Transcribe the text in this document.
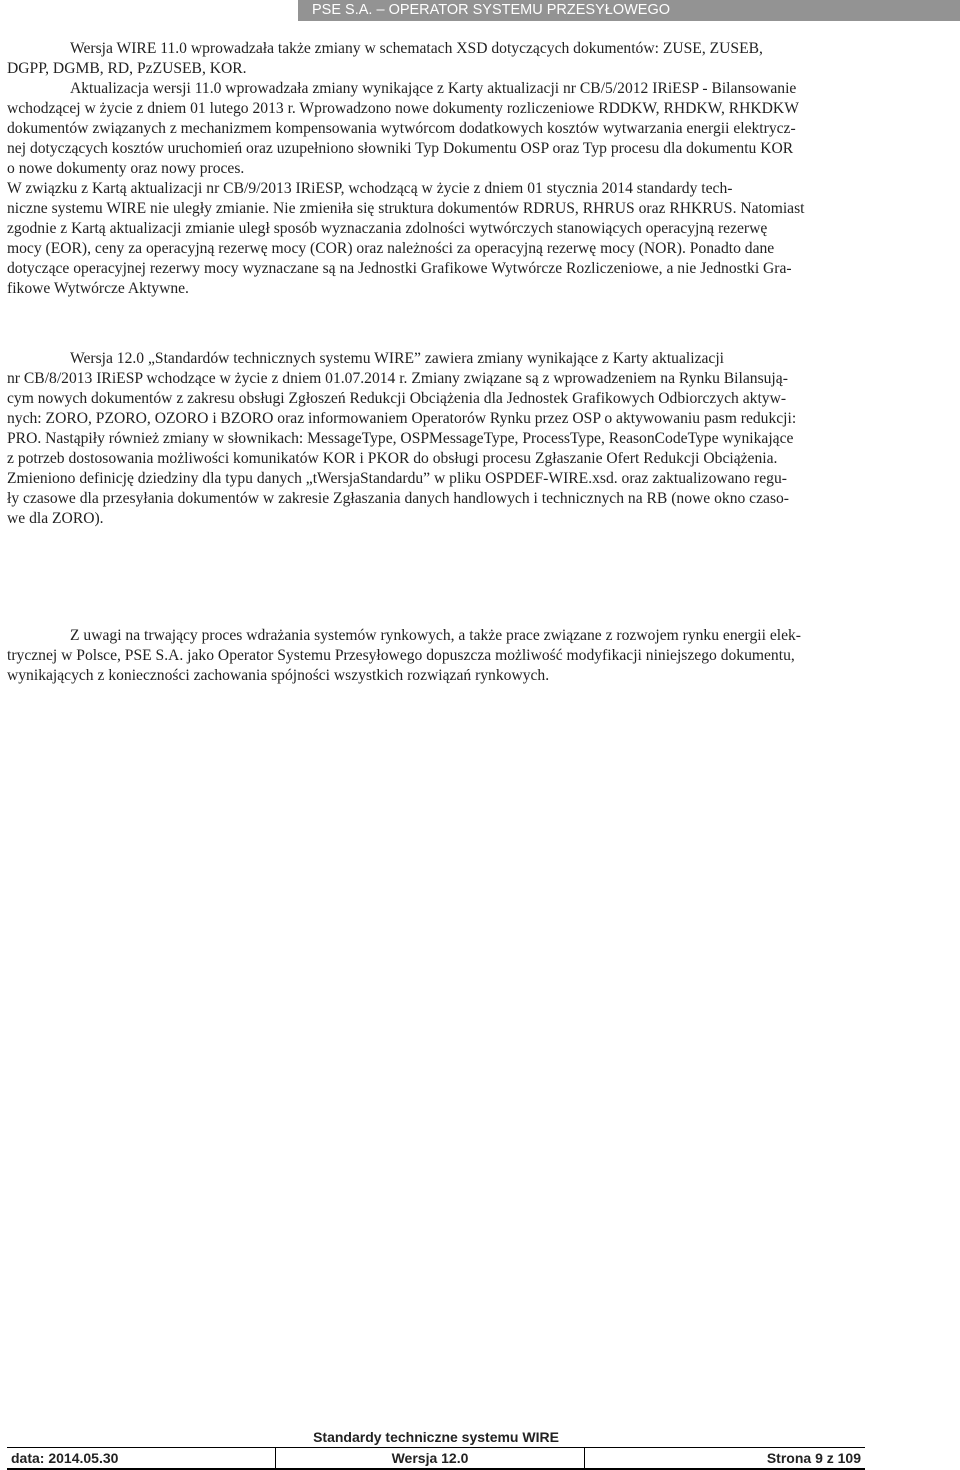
PSE S.A. – OPERATOR SYSTEMU PRZESYŁOWEGO

Wersja WIRE 11.0 wprowadzała także zmiany w schematach XSD dotyczących dokumentów: ZUSE, ZUSEB,
DGPP, DGMB, RD, PzZUSEB, KOR.
Aktualizacja wersji 11.0 wprowadzała zmiany wynikające z Karty aktualizacji nr CB/5/2012 IRiESP - Bilansowanie
wchodzącej w życie z dniem 01 lutego 2013 r. Wprowadzono nowe dokumenty rozliczeniowe RDDKW, RHDKW, RHKDKW
dokumentów związanych z mechanizmem kompensowania wytwórcom dodatkowych kosztów wytwarzania energii elektrycz-
nej dotyczących kosztów uruchomień oraz uzupełniono słowniki Typ Dokumentu OSP oraz Typ procesu dla dokumentu KOR
o nowe dokumenty oraz nowy proces.
W związku z Kartą aktualizacji nr CB/9/2013 IRiESP, wchodzącą w życie z dniem 01 stycznia 2014 standardy tech-
niczne systemu WIRE nie uległy zmianie. Nie zmieniła się struktura dokumentów RDRUS, RHRUS oraz RHKRUS. Natomiast
zgodnie z Kartą aktualizacji zmianie uległ sposób wyznaczania zdolności wytwórczych stanowiących operacyjną rezerwę
mocy (EOR), ceny za operacyjną rezerwę mocy (COR) oraz należności za operacyjną rezerwę mocy (NOR). Ponadto dane
dotyczące operacyjnej rezerwy mocy wyznaczane są na Jednostki Grafikowe Wytwórcze Rozliczeniowe, a nie Jednostki Gra-
fikowe Wytwórcze Aktywne.

Wersja 12.0 „Standardów technicznych systemu WIRE” zawiera zmiany wynikające z Karty aktualizacji
nr CB/8/2013 IRiESP wchodzące w życie z dniem 01.07.2014 r. Zmiany związane są z wprowadzeniem na Rynku Bilansują-
cym nowych dokumentów z zakresu obsługi Zgłoszeń Redukcji Obciążenia dla Jednostek Grafikowych Odbiorczych aktyw-
nych: ZORO, PZORO, OZORO i BZORO oraz informowaniem Operatorów Rynku przez OSP o aktywowaniu pasm redukcji:
PRO. Nastąpiły również zmiany w słownikach: MessageType, OSPMessageType, ProcessType, ReasonCodeType wynikające
z potrzeb dostosowania możliwości komunikatów KOR i PKOR do obsługi procesu Zgłaszanie Ofert Redukcji Obciążenia.
Zmieniono definicję dziedziny dla typu danych „tWersjaStandardu” w pliku OSPDEF-WIRE.xsd. oraz zaktualizowano regu-
ły czasowe dla przesyłania dokumentów w zakresie Zgłaszania danych handlowych i technicznych na RB (nowe okno czaso-
we dla ZORO).

Z uwagi na trwający proces wdrażania systemów rynkowych, a także prace związane z rozwojem rynku energii elek-
trycznej w Polsce, PSE S.A. jako Operator Systemu Przesyłowego dopuszcza możliwość modyfikacji niniejszego dokumentu,
wynikających z konieczności zachowania spójności wszystkich rozwiązań rynkowych.

Standardy techniczne systemu WIRE
data: 2014.05.30	Wersja 12.0	Strona 9 z 109
